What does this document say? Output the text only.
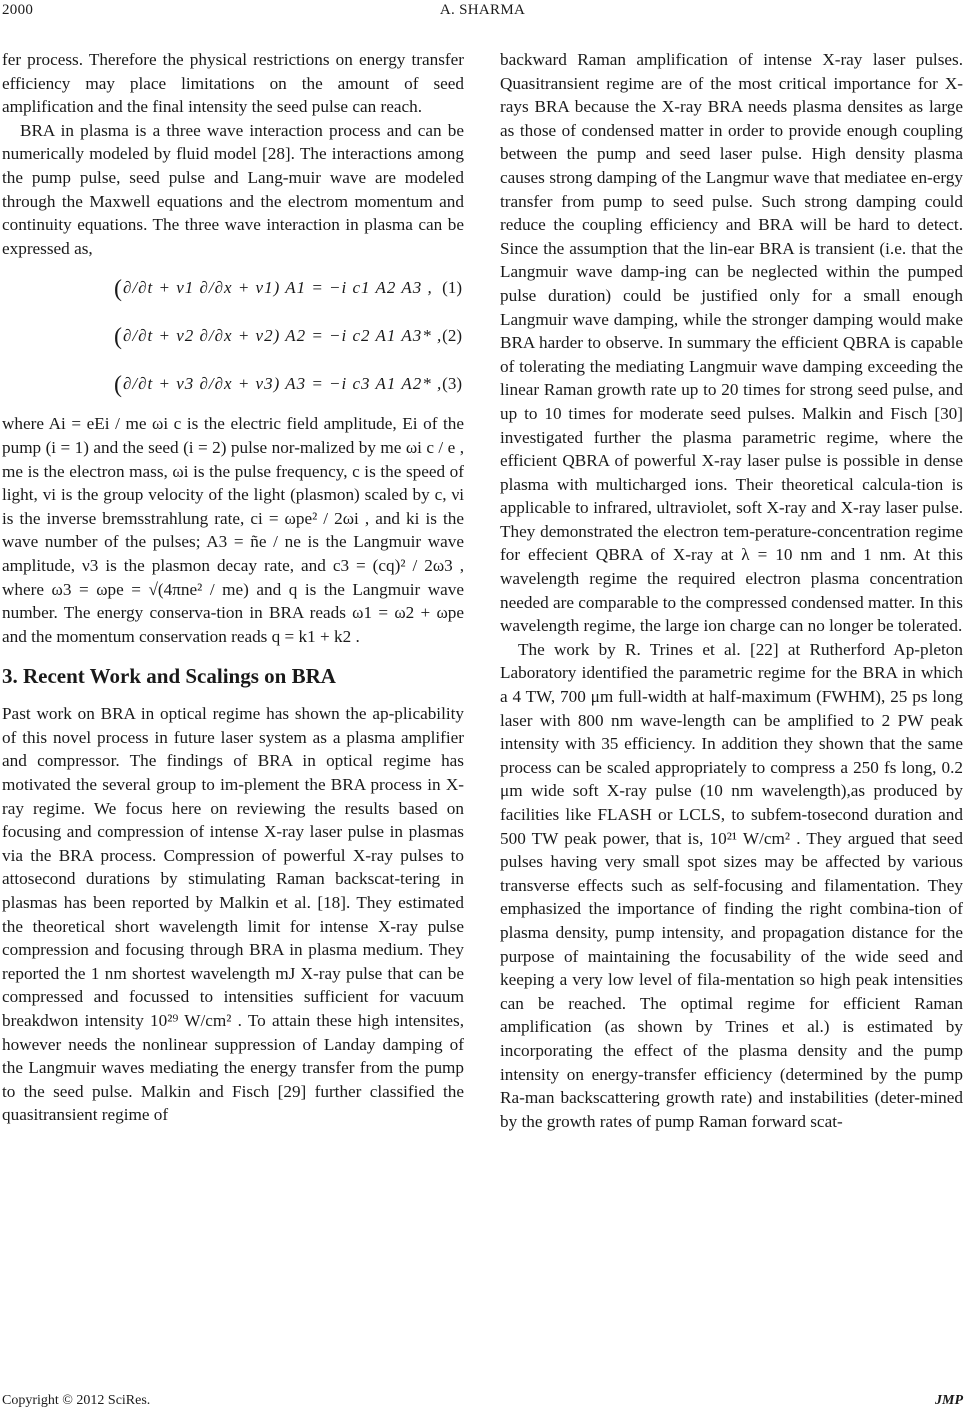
2000	A. SHARMA

fer process. Therefore the physical restrictions on energy transfer efficiency may place limitations on the amount of seed amplification and the final intensity the seed pulse can reach.

BRA in plasma is a three wave interaction process and can be numerically modeled by fluid model [28]. The interactions among the pump pulse, seed pulse and Lang-muir wave are modeled through the Maxwell equations and the electrom momentum and continuity equations. The three wave interaction in plasma can be expressed as,

(∂/∂t + v1 ∂/∂x + ν1) A1 = −i c1 A2 A3 , (1)
(∂/∂t + v2 ∂/∂x + ν2) A2 = −i c2 A1 A3* , (2)
(∂/∂t + v3 ∂/∂x + ν3) A3 = −i c3 A1 A2* , (3)

where Ai = eEi / me ωi c is the electric field amplitude, Ei of the pump (i = 1) and the seed (i = 2) pulse nor-malized by me ωi c / e , me is the electron mass, ωi is the pulse frequency, c is the speed of light, vi is the group velocity of the light (plasmon) scaled by c, νi is the inverse bremsstrahlung rate, ci = ωpe² / 2ωi , and ki is the wave number of the pulses; A3 = ñe / ne is the Langmuir wave amplitude, ν3 is the plasmon decay rate, and c3 = (cq)² / 2ω3 , where ω3 = ωpe = √(4πne² / me) and q is the Langmuir wave number. The energy conserva-tion in BRA reads ω1 = ω2 + ωpe and the momentum conservation reads q = k1 + k2 .

3. Recent Work and Scalings on BRA

Past work on BRA in optical regime has shown the ap-plicability of this novel process in future laser system as a plasma amplifier and compressor. The findings of BRA in optical regime has motivated the several group to im-plement the BRA process in X-ray regime. We focus here on reviewing the results based on focusing and compression of intense X-ray laser pulse in plasmas via the BRA process. Compression of powerful X-ray pulses to attosecond durations by stimulating Raman backscat-tering in plasmas has been reported by Malkin et al. [18]. They estimated the theoretical short wavelength limit for intense X-ray pulse compression and focusing through BRA in plasma medium. They reported the 1 nm shortest wavelength mJ X-ray pulse that can be compressed and focussed to intensities sufficient for vacuum breakdwon intensity 10²⁹ W/cm² . To attain these high intensites, however needs the nonlinear suppression of Landay damping of the Langmuir waves mediating the energy transfer from the pump to the seed pulse. Malkin and Fisch [29] further classified the quasitransient regime of

backward Raman amplification of intense X-ray laser pulses. Quasitransient regime are of the most critical importance for X-rays BRA because the X-ray BRA needs plasma densites as large as those of condensed matter in order to provide enough coupling between the pump and seed laser pulse. High density plasma causes strong damping of the Langmur wave that mediatee en-ergy transfer from pump to seed pulse. Such strong damping could reduce the coupling efficiency and BRA will be hard to detect. Since the assumption that the lin-ear BRA is transient (i.e. that the Langmuir wave damp-ing can be neglected within the pumped pulse duration) could be justified only for a small enough Langmuir wave damping, while the stronger damping would make BRA harder to observe. In summary the efficient QBRA is capable of tolerating the mediating Langmuir wave damping exceeding the linear Raman growth rate up to 20 times for strong seed pulse, and up to 10 times for moderate seed pulses. Malkin and Fisch [30] investigated further the plasma parametric regime, where the efficient QBRA of powerful X-ray laser pulse is possible in dense plasma with multicharged ions. Their theoretical calcula-tion is applicable to infrared, ultraviolet, soft X-ray and X-ray laser pulse. They demonstrated the electron tem-perature-concentration regime for effecient QBRA of X-ray at λ = 10 nm and 1 nm. At this wavelength regime the required electron plasma concentration needed are comparable to the compressed condensed matter. In this wavelength regime, the large ion charge can no longer be tolerated.

The work by R. Trines et al. [22] at Rutherford Ap-pleton Laboratory identified the parametric regime for the BRA in which a 4 TW, 700 μm full-width at half-maximum (FWHM), 25 ps long laser with 800 nm wave-length can be amplified to 2 PW peak intensity with 35 efficiency. In addition they shown that the same process can be scaled appropriately to compress a 250 fs long, 0.2 μm wide soft X-ray pulse (10 nm wavelength),as produced by facilities like FLASH or LCLS, to subfem-tosecond duration and 500 TW peak power, that is, 10²¹ W/cm² . They argued that seed pulses having very small spot sizes may be affected by various transverse effects such as self-focusing and filamentation. They emphasized the importance of finding the right combina-tion of plasma density, pump intensity, and propagation distance for the purpose of maintaining the focusability of the wide seed and keeping a very low level of fila-mentation so high peak intensities can be reached. The optimal regime for efficient Raman amplification (as shown by Trines et al.) is estimated by incorporating the effect of the plasma density and the pump intensity on energy-transfer efficiency (determined by the pump Ra-man backscattering growth rate) and instabilities (deter-mined by the growth rates of pump Raman forward scat-

Copyright © 2012 SciRes.	JMP
